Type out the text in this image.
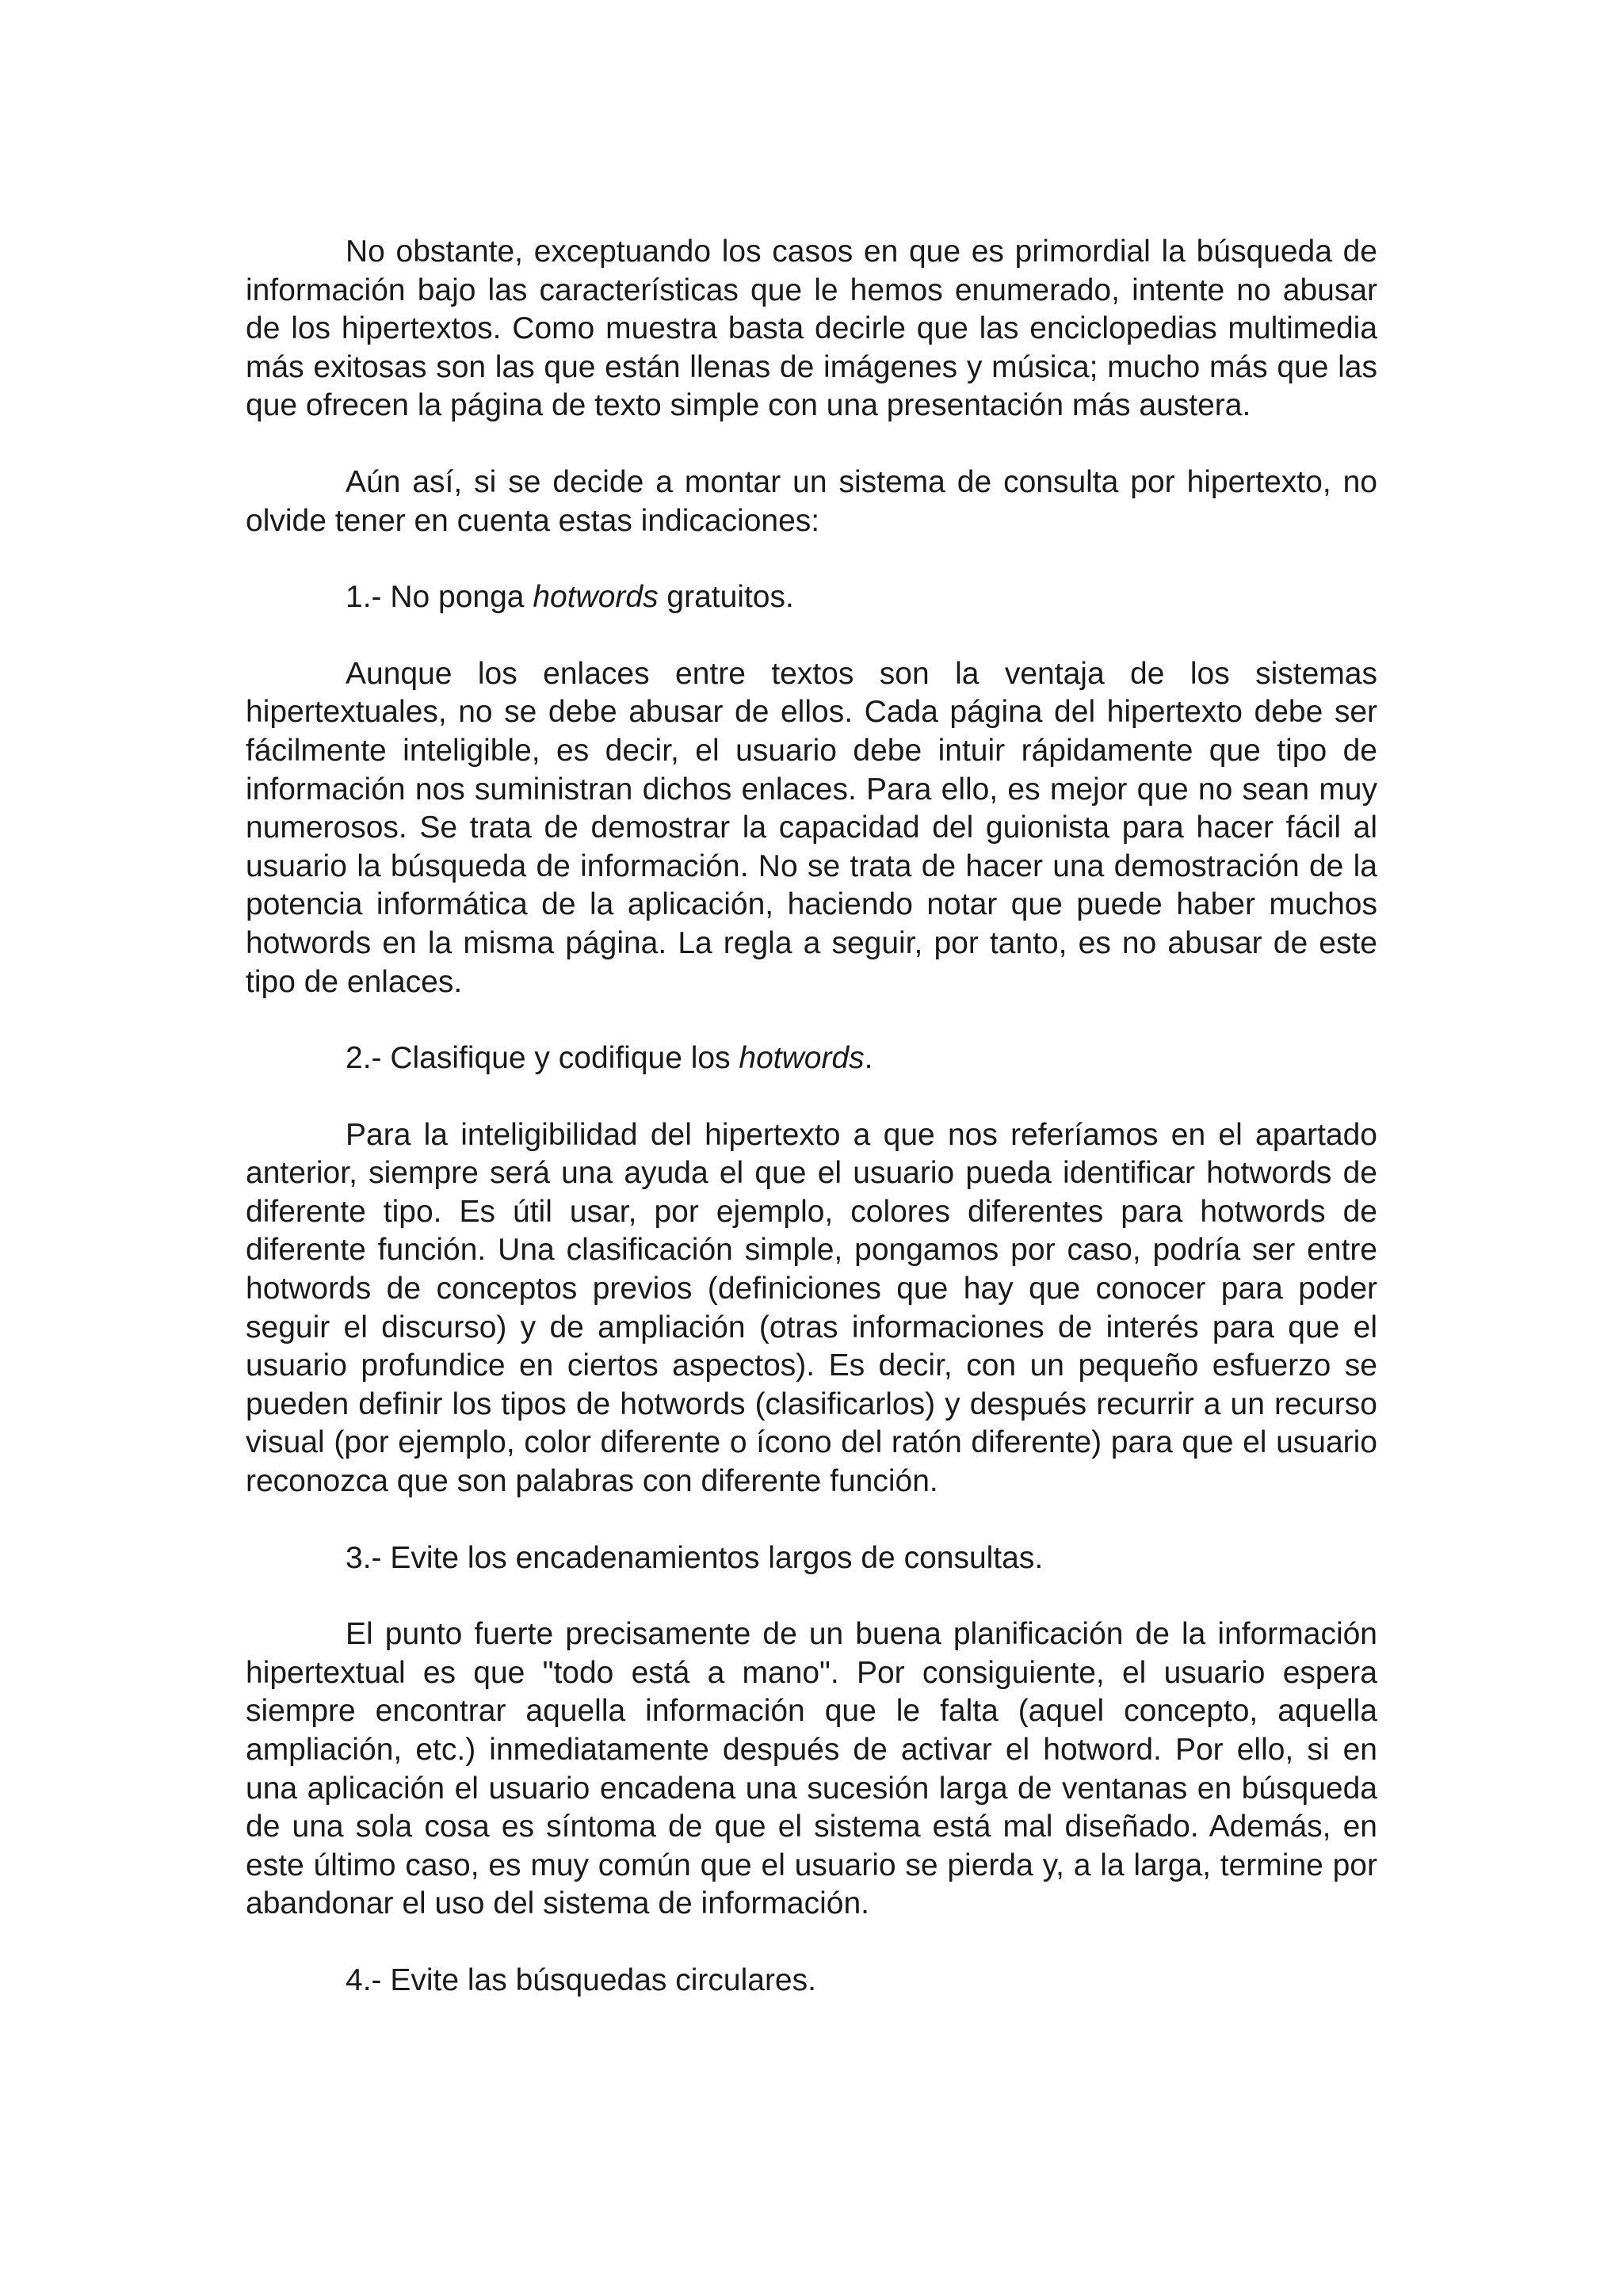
No obstante, exceptuando los casos en que es primordial la búsqueda de información bajo las características que le hemos enumerado, intente no abusar de los hipertextos. Como muestra basta decirle que las enciclopedias multimedia más exitosas son las que están llenas de imágenes y música; mucho más que las que ofrecen la página de texto simple con una presentación más austera.

Aún así, si se decide a montar un sistema de consulta por hipertexto, no olvide tener en cuenta estas indicaciones:

1.- No ponga hotwords gratuitos.

Aunque los enlaces entre textos son la ventaja de los sistemas hipertextuales, no se debe abusar de ellos. Cada página del hipertexto debe ser fácilmente inteligible, es decir, el usuario debe intuir rápidamente que tipo de información nos suministran dichos enlaces. Para ello, es mejor que no sean muy numerosos. Se trata de demostrar la capacidad del guionista para hacer fácil al usuario la búsqueda de información. No se trata de hacer una demostración de la potencia informática de la aplicación, haciendo notar que puede haber muchos hotwords en la misma página. La regla a seguir, por tanto, es no abusar de este tipo de enlaces.

2.- Clasifique y codifique los hotwords.

Para la inteligibilidad del hipertexto a que nos referíamos en el apartado anterior, siempre será una ayuda el que el usuario pueda identificar hotwords de diferente tipo. Es útil usar, por ejemplo, colores diferentes para hotwords de diferente función. Una clasificación simple, pongamos por caso, podría ser entre hotwords de conceptos previos (definiciones que hay que conocer para poder seguir el discurso) y de ampliación (otras informaciones de interés para que el usuario profundice en ciertos aspectos). Es decir, con un pequeño esfuerzo se pueden definir los tipos de hotwords (clasificarlos) y después recurrir a un recurso visual (por ejemplo, color diferente o ícono del ratón diferente) para que el usuario reconozca que son palabras con diferente función.

3.- Evite los encadenamientos largos de consultas.

El punto fuerte precisamente de un buena planificación de la información hipertextual es que "todo está a mano". Por consiguiente, el usuario espera siempre encontrar aquella información que le falta (aquel concepto, aquella ampliación, etc.) inmediatamente después de activar el hotword. Por ello, si en una aplicación el usuario encadena una sucesión larga de ventanas en búsqueda de una sola cosa es síntoma de que el sistema está mal diseñado. Además, en este último caso, es muy común que el usuario se pierda y, a la larga, termine por abandonar el uso del sistema de información.

4.- Evite las búsquedas circulares.
